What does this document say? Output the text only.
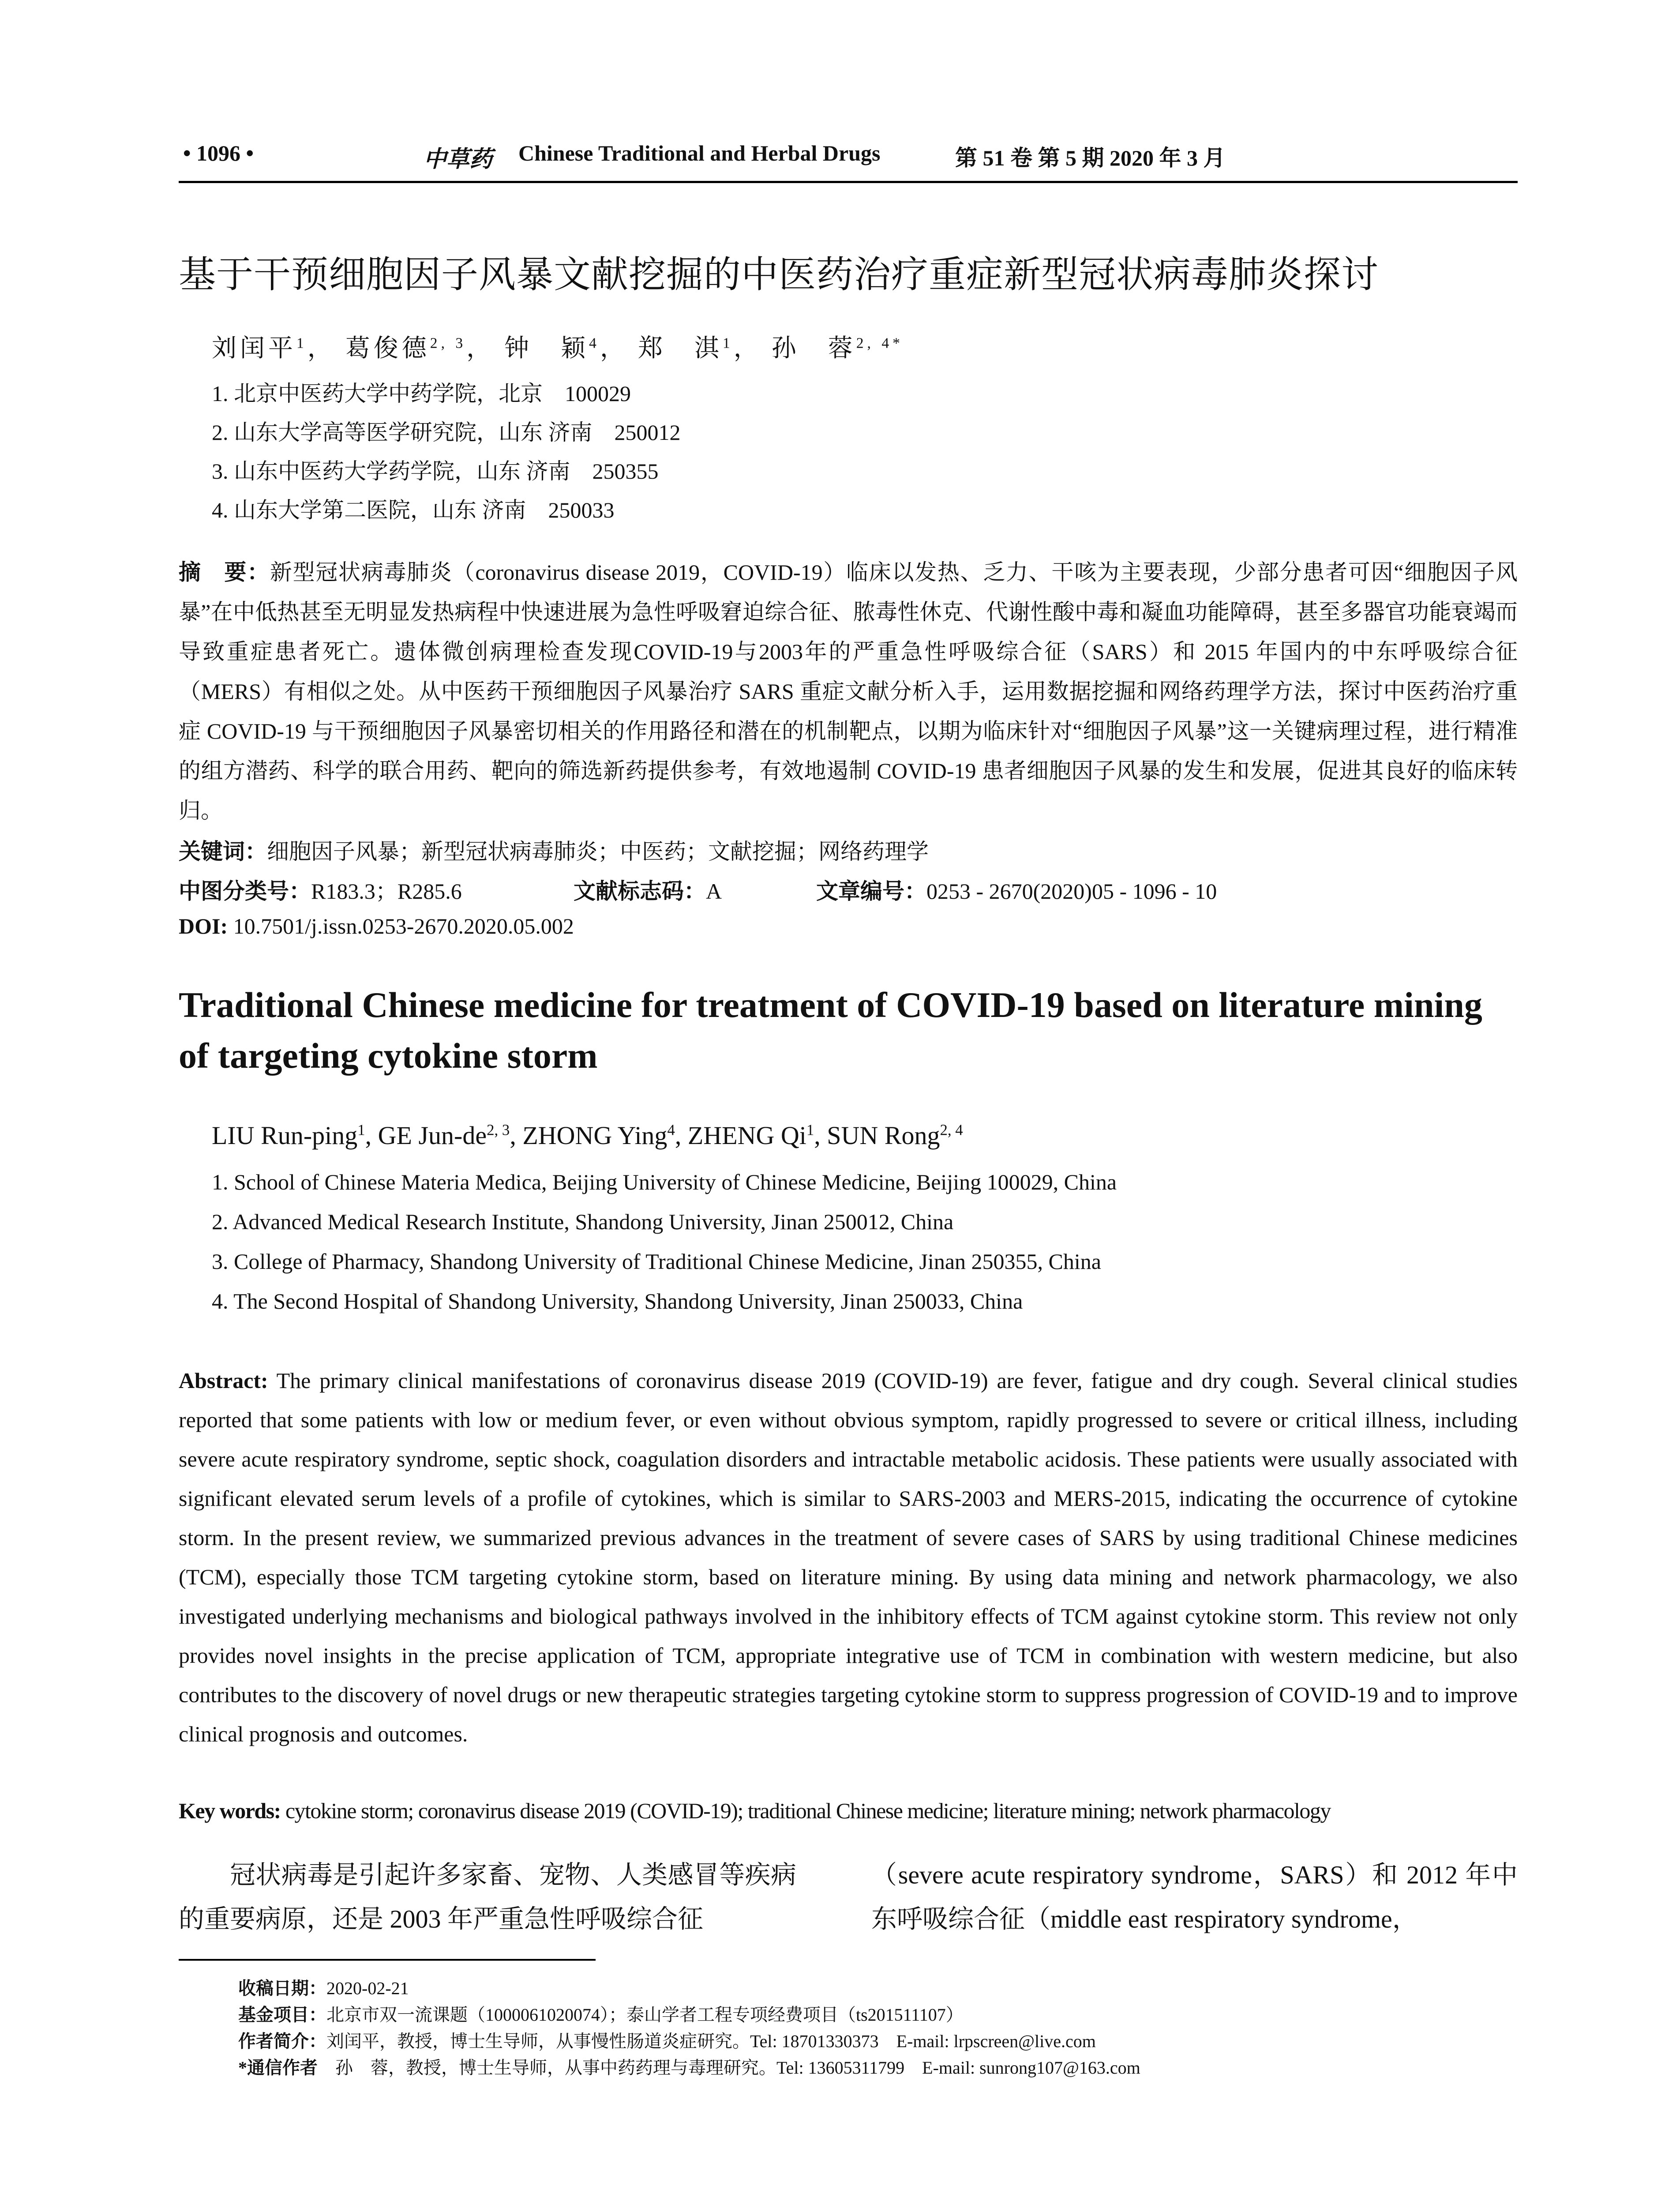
• 1096 •	中草药 Chinese Traditional and Herbal Drugs	第 51 卷 第 5 期 2020 年 3 月
基于干预细胞因子风暴文献挖掘的中医药治疗重症新型冠状病毒肺炎探讨
刘闰平$^1$， 葛俊德$^{2, 3}$， 钟　颖$^4$， 郑　淇$^1$， 孙　蓉$^{2, 4*}$
1. 北京中医药大学中药学院，北京　100029
2. 山东大学高等医学研究院，山东 济南　250012
3. 山东中医药大学药学院，山东 济南　250355
4. 山东大学第二医院，山东 济南　250033
摘　要：新型冠状病毒肺炎（coronavirus disease 2019，COVID-19）临床以发热、乏力、干咳为主要表现，少部分患者可因“细胞因子风暴”在中低热甚至无明显发热病程中快速进展为急性呼吸窘迫综合征、脓毒性休克、代谢性酸中毒和凝血功能障碍，甚至多器官功能衰竭而导致重症患者死亡。遗体微创病理检查发现COVID-19与2003年的严重急性呼吸综合征（SARS）和 2015 年国内的中东呼吸综合征（MERS）有相似之处。从中医药干预细胞因子风暴治疗 SARS 重症文献分析入手，运用数据挖掘和网络药理学方法，探讨中医药治疗重症 COVID-19 与干预细胞因子风暴密切相关的作用路径和潜在的机制靶点，以期为临床针对“细胞因子风暴”这一关键病理过程，进行精准的组方潜药、科学的联合用药、靶向的筛选新药提供参考，有效地遏制 COVID-19 患者细胞因子风暴的发生和发展，促进其良好的临床转归。
关键词：细胞因子风暴；新型冠状病毒肺炎；中医药；文献挖掘；网络药理学
中图分类号：R183.3；R285.6	文献标志码：A	文章编号：0253 - 2670(2020)05 - 1096 - 10
DOI: 10.7501/j.issn.0253-2670.2020.05.002
Traditional Chinese medicine for treatment of COVID-19 based on literature mining of targeting cytokine storm
LIU Run-ping$^1$, GE Jun-de$^{2, 3}$, ZHONG Ying$^4$, ZHENG Qi$^1$, SUN Rong$^{2, 4}$
1. School of Chinese Materia Medica, Beijing University of Chinese Medicine, Beijing 100029, China
2. Advanced Medical Research Institute, Shandong University, Jinan 250012, China
3. College of Pharmacy, Shandong University of Traditional Chinese Medicine, Jinan 250355, China
4. The Second Hospital of Shandong University, Shandong University, Jinan 250033, China
Abstract: The primary clinical manifestations of coronavirus disease 2019 (COVID-19) are fever, fatigue and dry cough. Several clinical studies reported that some patients with low or medium fever, or even without obvious symptom, rapidly progressed to severe or critical illness, including severe acute respiratory syndrome, septic shock, coagulation disorders and intractable metabolic acidosis. These patients were usually associated with significant elevated serum levels of a profile of cytokines, which is similar to SARS-2003 and MERS-2015, indicating the occurrence of cytokine storm. In the present review, we summarized previous advances in the treatment of severe cases of SARS by using traditional Chinese medicines (TCM), especially those TCM targeting cytokine storm, based on literature mining. By using data mining and network pharmacology, we also investigated underlying mechanisms and biological pathways involved in the inhibitory effects of TCM against cytokine storm. This review not only provides novel insights in the precise application of TCM, appropriate integrative use of TCM in combination with western medicine, but also contributes to the discovery of novel drugs or new therapeutic strategies targeting cytokine storm to suppress progression of COVID-19 and to improve clinical prognosis and outcomes.
Key words: cytokine storm; coronavirus disease 2019 (COVID-19); traditional Chinese medicine; literature mining; network pharmacology
冠状病毒是引起许多家畜、宠物、人类感冒等疾病的重要病原，还是 2003 年严重急性呼吸综合征
（severe acute respiratory syndrome，SARS）和 2012 年中东呼吸综合征（middle east respiratory syndrome，
收稿日期：2020-02-21
基金项目：北京市双一流课题（1000061020074）；泰山学者工程专项经费项目（ts201511107）
作者简介：刘闰平，教授，博士生导师，从事慢性肠道炎症研究。Tel: 18701330373　E-mail: lrpscreen@live.com
*通信作者　 孙　蓉，教授，博士生导师，从事中药药理与毒理研究。Tel: 13605311799　E-mail: sunrong107@163.com
